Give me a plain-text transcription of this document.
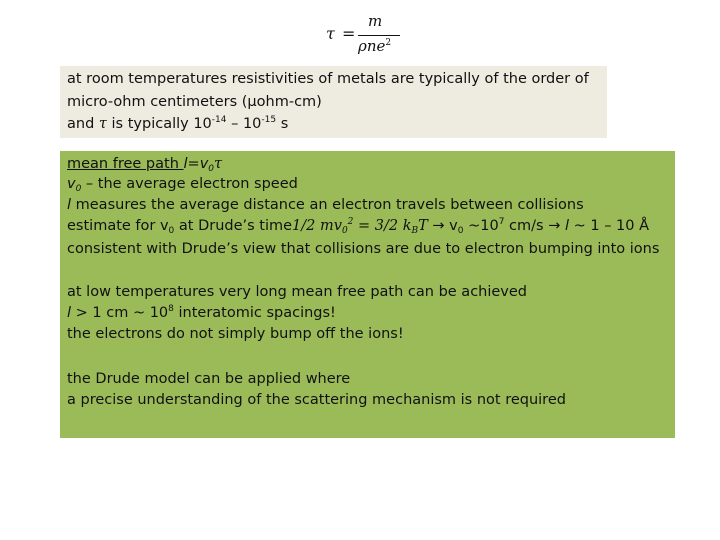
τ =
m
ρne$^2$
at room temperatures resistivities of metals are typically of the order of
micro-ohm centimeters (μohm-cm)
and τ is typically $10^{-14} - 10^{-15}$ s
mean free path $l=v_0\tau$
$v_0$ – the average electron speed
l measures the average distance an electron travels between collisions
estimate for $v_0$ at Drude’s time1/2 $mv_0^2 = 3/2$ $k_BT \to v_0$ $\sim 10^7$ cm/s → l ~ 1 – 10 Å
consistent with Drude’s view that collisions are due to electron bumping into ions
at low temperatures very long mean free path can be achieved
l > 1 cm ~ $10^8$ interatomic spacings!
the electrons do not simply bump off the ions!
the Drude model can be applied where
a precise understanding of the scattering mechanism is not required
